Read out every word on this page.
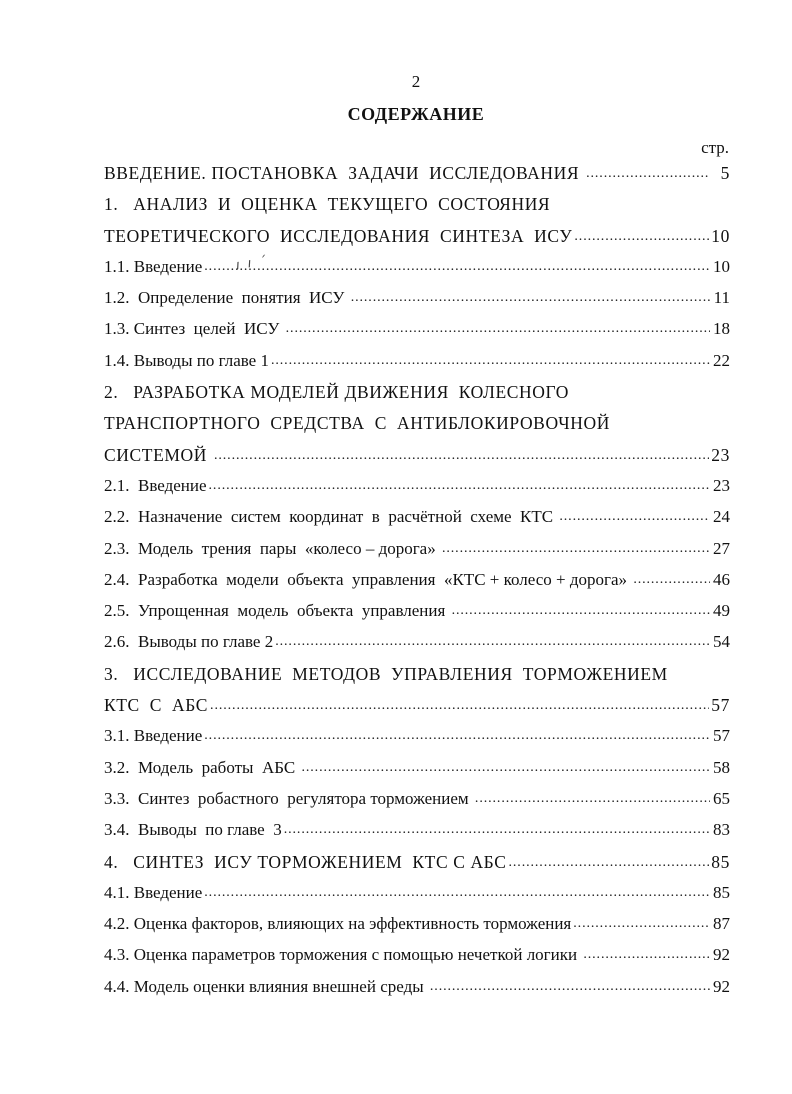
2
СОДЕРЖАНИЕ
стр.
ı ı ˊ
ВВЕДЕНИЕ. ПОСТАНОВКА  ЗАДАЧИ  ИССЛЕДОВАНИЯ .....	5
1.   АНАЛИЗ  И  ОЦЕНКА  ТЕКУЩЕГО  СОСТОЯНИЯ
ТЕОРЕТИЧЕСКОГО  ИССЛЕДОВАНИЯ  СИНТЕЗА  ИСУ .....	10
1.1. Введение .....	10
1.2.  Определение  понятия  ИСУ .....	11
1.3. Синтез  целей  ИСУ .....	18
1.4. Выводы по главе 1 .....	22
2.   РАЗРАБОТКА МОДЕЛЕЙ ДВИЖЕНИЯ  КОЛЕСНОГО
ТРАНСПОРТНОГО  СРЕДСТВА  С  АНТИБЛОКИРОВОЧНОЙ
СИСТЕМОЙ .....	23
2.1.  Введение .....	23
2.2.  Назначение  систем  координат  в  расчётной  схеме  КТС .....	24
2.3.  Модель  трения  пары  «колесо – дорога» .....	27
2.4.  Разработка  модели  объекта  управления  «КТС + колесо + дорога» .....	46
2.5.  Упрощенная  модель  объекта  управления .....	49
2.6.  Выводы по главе 2 .....	54
3.   ИССЛЕДОВАНИЕ  МЕТОДОВ  УПРАВЛЕНИЯ  ТОРМОЖЕНИЕМ
КТС  С  АБС .....	57
3.1. Введение .....	57
3.2.  Модель  работы  АБС .....	58
3.3.  Синтез  робастного  регулятора торможением .....	65
3.4.  Выводы  по главе  3 .....	83
4.   СИНТЕЗ  ИСУ ТОРМОЖЕНИЕМ  КТС С АБС .....	85
4.1. Введение .....	85
4.2. Оценка факторов, влияющих на эффективность торможения .....	87
4.3. Оценка параметров торможения с помощью нечеткой логики .....	92
4.4. Модель оценки влияния внешней среды .....	92
